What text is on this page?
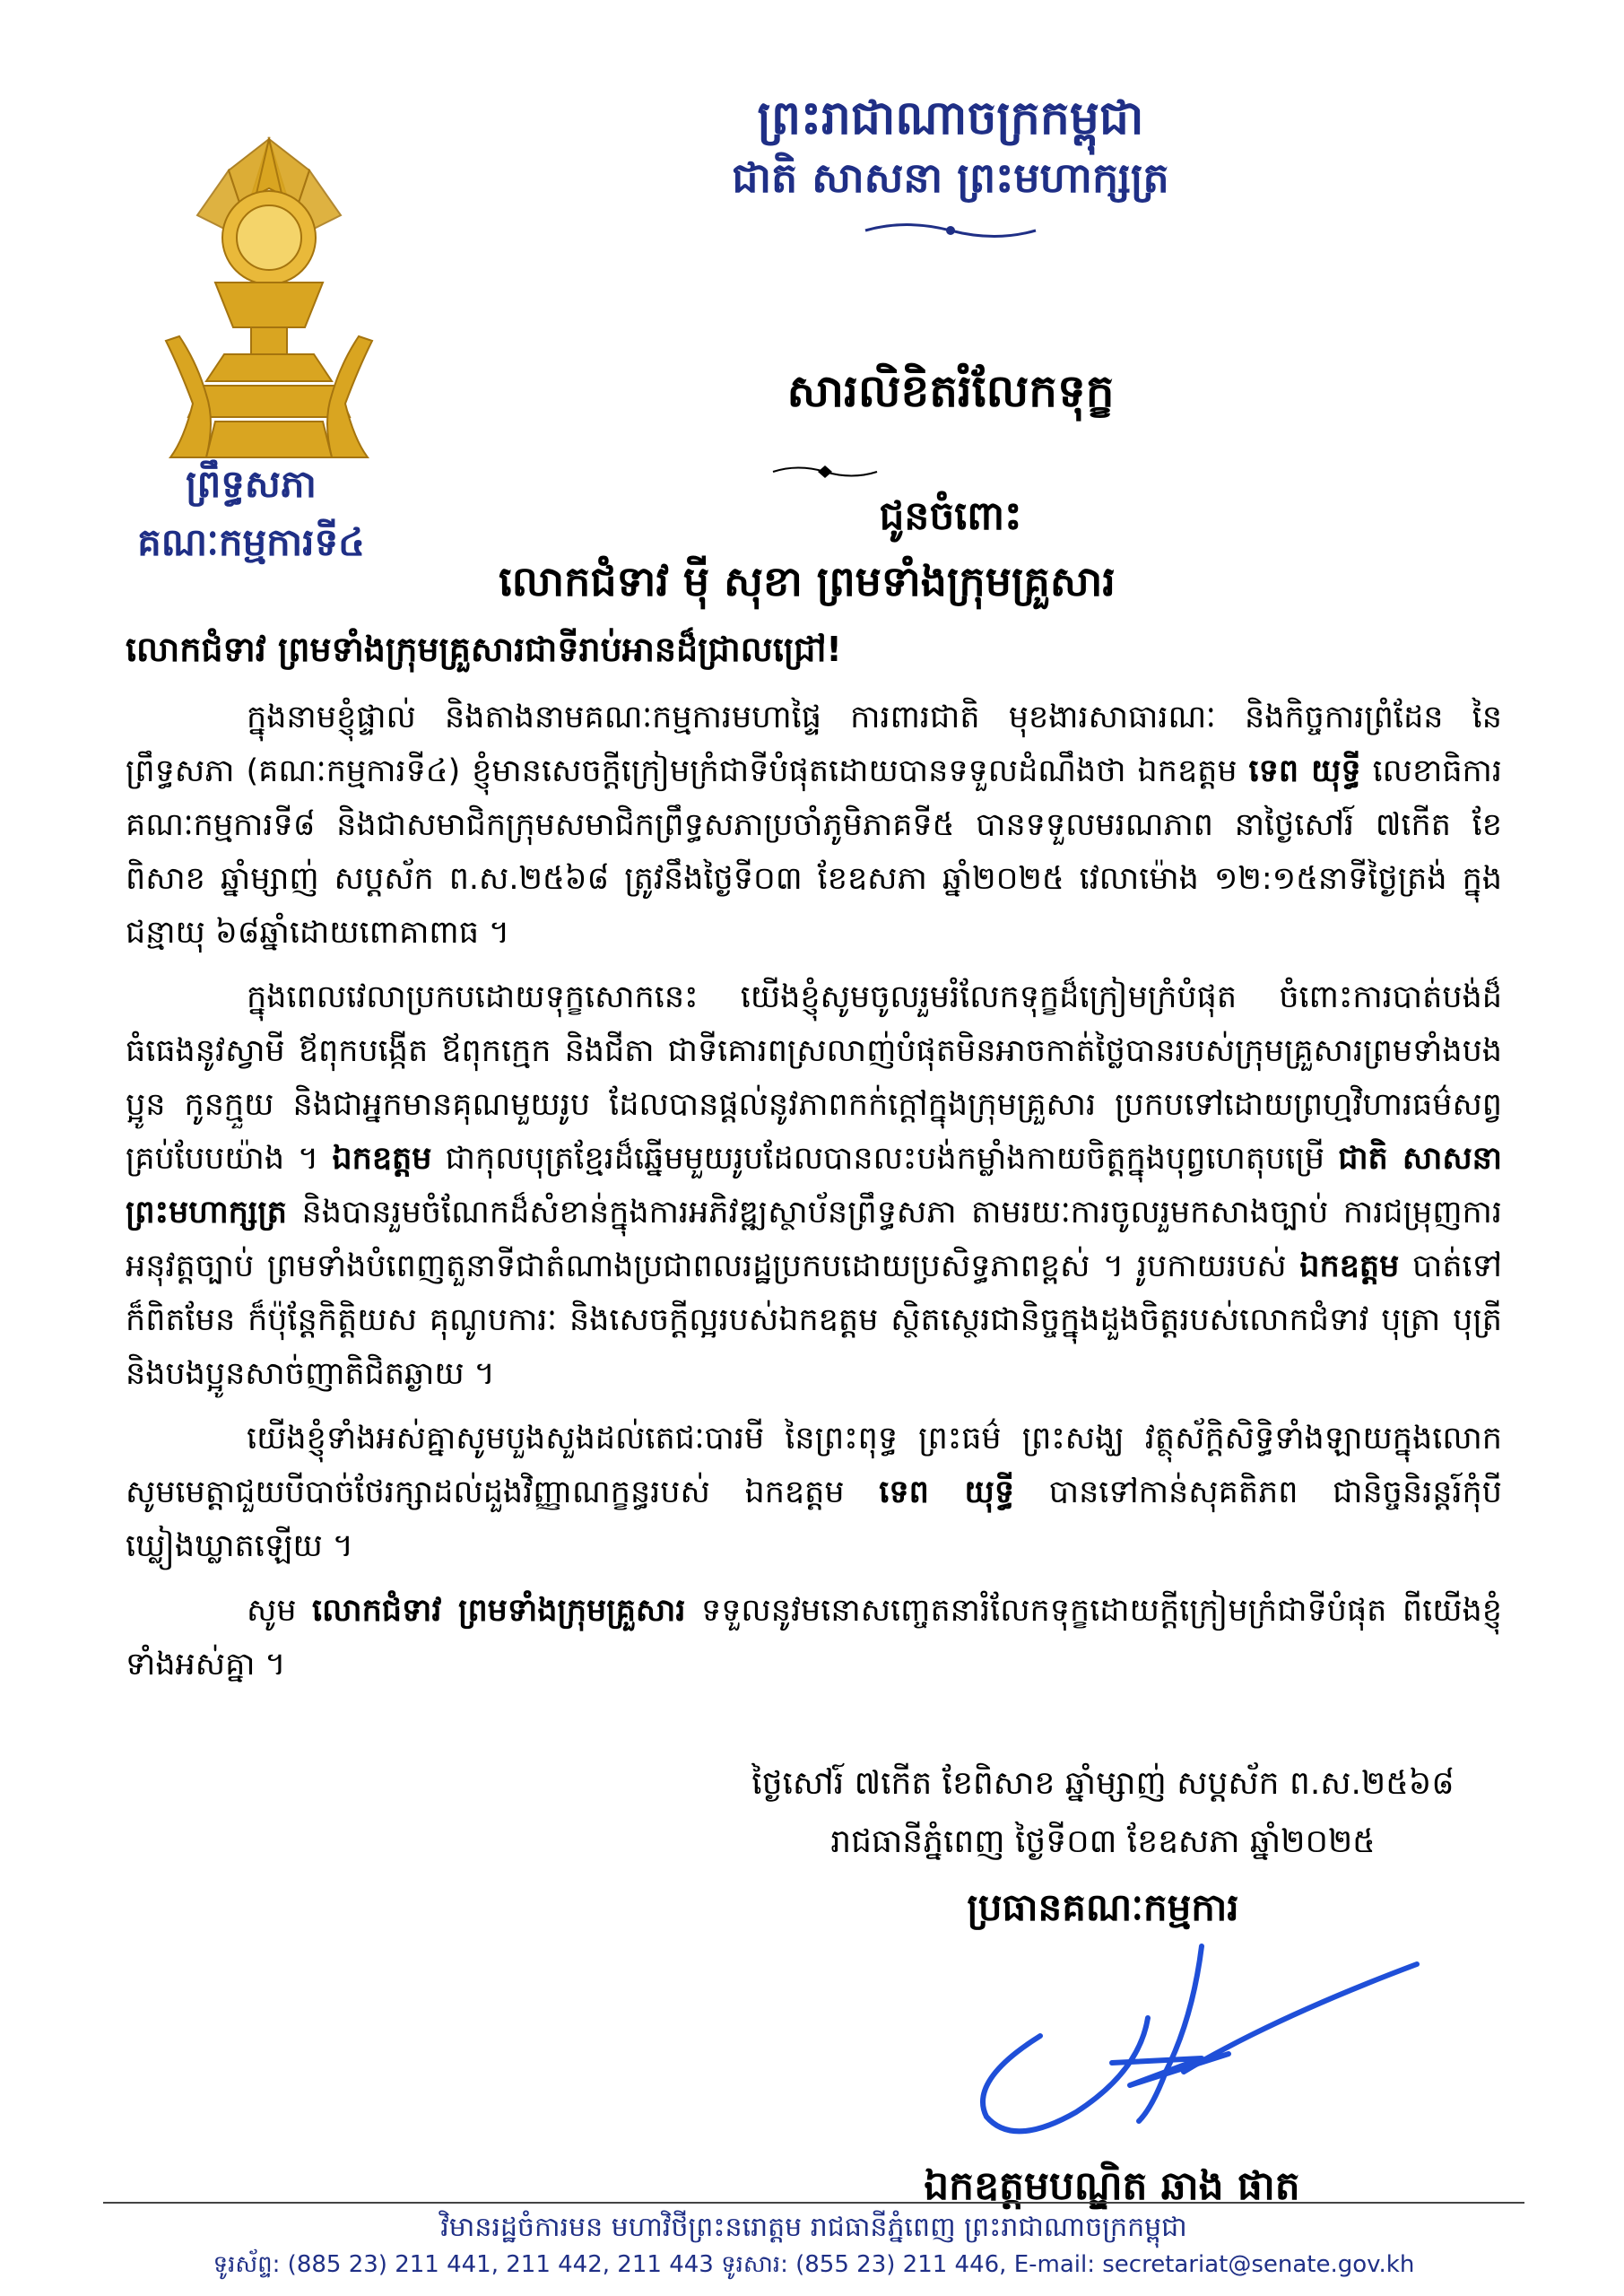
ព្រឹទ្ធសភា
គណៈកម្មការទី៤
ព្រះរាជាណាចក្រកម្ពុជា
ជាតិ សាសនា ព្រះមហាក្សត្រ
សារលិខិតរំលែកទុក្ខ
ជូនចំពោះ
លោកជំទាវ មុី សុខា ព្រមទាំងក្រុមគ្រួសារ
លោកជំទាវ ព្រមទាំងក្រុមគ្រួសារជាទីរាប់អានដ៏ជ្រាលជ្រៅ!

ក្នុងនាមខ្ញុំផ្ទាល់ និងតាងនាមគណៈកម្មការមហាផ្ទៃ ការពារជាតិ មុខងារសាធារណៈ និងកិច្ចការព្រំដែន នៃព្រឹទ្ធសភា (គណៈកម្មការទី៤) ខ្ញុំមានសេចក្ដីក្រៀមក្រំជាទីបំផុតដោយបានទទួលដំណឹងថា ឯកឧត្តម ទេព យុទ្ធី លេខាធិការគណៈកម្មការទី៨ និងជាសមាជិកក្រុមសមាជិកព្រឹទ្ធសភាប្រចាំភូមិភាគទី៥ បានទទួលមរណភាព នាថ្ងៃសៅរ៍ ៧កើត ខែពិសាខ ឆ្នាំម្សាញ់ សប្តស័ក ព.ស.២៥៦៨ ត្រូវនឹងថ្ងៃទី០៣ ខែឧសភា ឆ្នាំ២០២៥ វេលាម៉ោង ១២:១៥នាទីថ្ងៃត្រង់ ក្នុងជន្មាយុ ៦៨ឆ្នាំដោយពោគាពាធ ។

ក្នុងពេលវេលាប្រកបដោយទុក្ខសោកនេះ យើងខ្ញុំសូមចូលរួមរំលែកទុក្ខដ៏ក្រៀមក្រំបំផុត ចំពោះការបាត់បង់ដ៏ធំធេងនូវស្វាមី ឪពុកបង្កើត ឪពុកក្មេក និងជីតា ជាទីគោរពស្រលាញ់បំផុតមិនអាចកាត់ថ្លៃបានរបស់ក្រុមគ្រួសារព្រមទាំងបងប្អូន កូនក្មួយ និងជាអ្នកមានគុណមួយរូប ដែលបានផ្តល់នូវភាពកក់ក្ដៅក្នុងក្រុមគ្រួសារ ប្រកបទៅដោយព្រហ្មវិហារធម៌សព្វគ្រប់បែបយ៉ាង ។ ឯកឧត្តម ជាកុលបុត្រខ្មែរដ៏ឆ្នើមមួយរូបដែលបានលះបង់កម្លាំងកាយចិត្តក្នុងបុព្វហេតុបម្រើ ជាតិ សាសនា ព្រះមហាក្សត្រ និងបានរួមចំណែកដ៏សំខាន់ក្នុងការអភិវឌ្ឍស្ថាប័នព្រឹទ្ធសភា តាមរយៈការចូលរួមកសាងច្បាប់ ការជម្រុញការអនុវត្តច្បាប់ ព្រមទាំងបំពេញតួនាទីជាតំណាងប្រជាពលរដ្ឋប្រកបដោយប្រសិទ្ធភាពខ្ពស់ ។ រូបកាយរបស់ ឯកឧត្តម បាត់ទៅក៏ពិតមែន ក៏ប៉ុន្តែកិត្តិយស គុណូបការៈ និងសេចក្តីល្អរបស់ឯកឧត្តម ស្ថិតស្ថេរជានិច្ចក្នុងដួងចិត្តរបស់លោកជំទាវ បុត្រា បុត្រី និងបងប្អូនសាច់ញាតិជិតឆ្ងាយ ។

យើងខ្ញុំទាំងអស់គ្នាសូមបួងសួងដល់តេជៈបារមី នៃព្រះពុទ្ធ ព្រះធម៌ ព្រះសង្ឃ វត្ថុស័ក្តិសិទ្ធិទាំងឡាយក្នុងលោក សូមមេត្តាជួយបីបាច់ថែរក្សាដល់ដួងវិញ្ញាណក្ខន្ធរបស់ ឯកឧត្តម ទេព យុទ្ធី បានទៅកាន់សុគតិភព ជានិច្ចនិរន្តរ៍កុំបីឃ្លៀងឃ្លាតឡើយ ។

សូម លោកជំទាវ ព្រមទាំងក្រុមគ្រួសារ ទទួលនូវមនោសញ្ចេតនារំលែកទុក្ខដោយក្ដីក្រៀមក្រំជាទីបំផុត ពីយើងខ្ញុំទាំងអស់គ្នា ។

ថ្ងៃសៅរ៍ ៧កើត ខែពិសាខ ឆ្នាំម្សាញ់ សប្តស័ក ព.ស.២៥៦៨
រាជធានីភ្នំពេញ ថ្ងៃទី០៣ ខែឧសភា ឆ្នាំ២០២៥
ប្រធានគណៈកម្មការ
ឯកឧត្តមបណ្ឌិត ឆាង ផាត
វិមានរដ្ឋចំការមន មហាវិថីព្រះនរោត្តម រាជធានីភ្នំពេញ ព្រះរាជាណាចក្រកម្ពុជា
ទូរស័ព្ទ: (885 23) 211 441, 211 442, 211 443 ទូរសារ: (855 23) 211 446, E-mail: secretariat@senate.gov.kh
